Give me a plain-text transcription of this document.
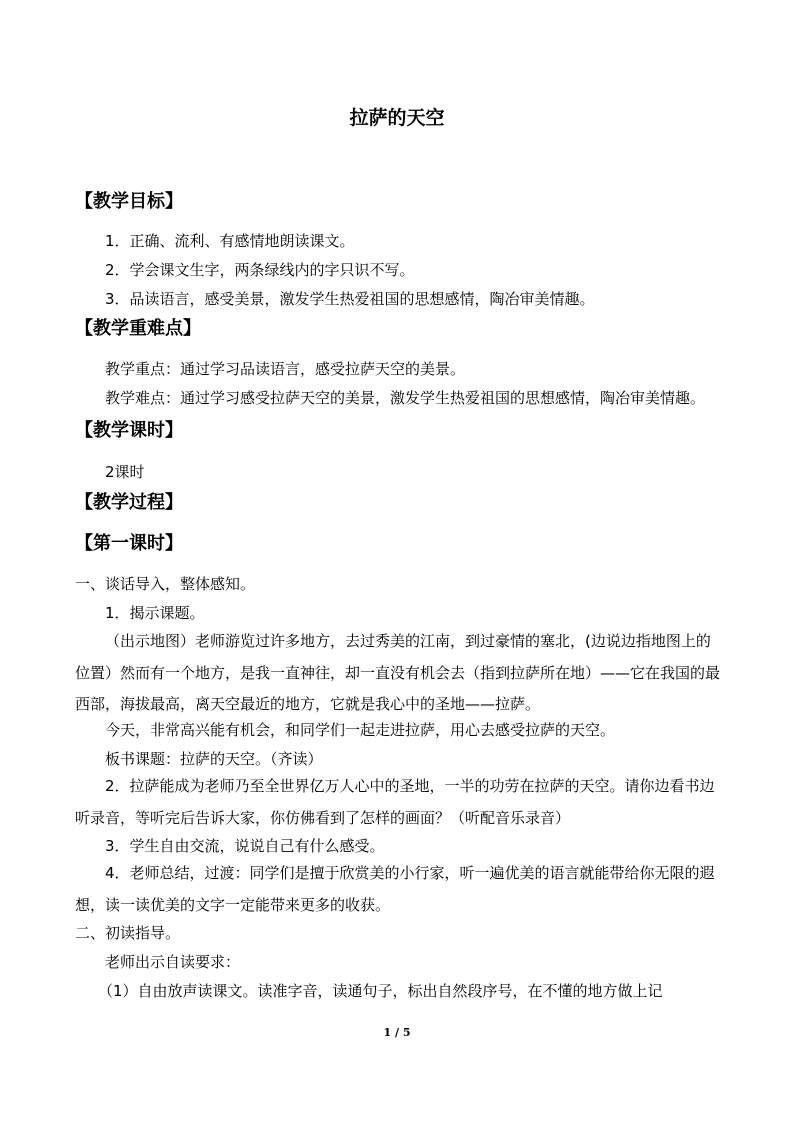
拉萨的天空
【教学目标】
1．正确、流利、有感情地朗读课文。
2．学会课文生字，两条绿线内的字只识不写。
3．品读语言，感受美景，激发学生热爱祖国的思想感情，陶冶审美情趣。
【教学重难点】
教学重点：通过学习品读语言，感受拉萨天空的美景。
教学难点：通过学习感受拉萨天空的美景，激发学生热爱祖国的思想感情，陶冶审美情趣。【教学课时】
2课时
【教学过程】
【第一课时】
一、谈话导入，整体感知。
1．揭示课题。
（出示地图）老师游览过许多地方，去过秀美的江南，到过豪情的塞北，(边说边指地图上的位置）然而有一个地方，是我一直神往，却一直没有机会去（指到拉萨所在地）——它在我国的最西部，海拔最高，离天空最近的地方，它就是我心中的圣地——拉萨。
今天，非常高兴能有机会，和同学们一起走进拉萨，用心去感受拉萨的天空。
板书课题：拉萨的天空。（齐读）
2．拉萨能成为老师乃至全世界亿万人心中的圣地，一半的功劳在拉萨的天空。请你边看书边听录音，等听完后告诉大家，你仿佛看到了怎样的画面？（听配音乐录音）
3．学生自由交流，说说自己有什么感受。
4．老师总结，过渡：同学们是擅于欣赏美的小行家，听一遍优美的语言就能带给你无限的遐想，读一读优美的文字一定能带来更多的收获。
二、初读指导。
老师出示自读要求：
（1）自由放声读课文。读准字音，读通句子，标出自然段序号，在不懂的地方做上记
1 / 5
